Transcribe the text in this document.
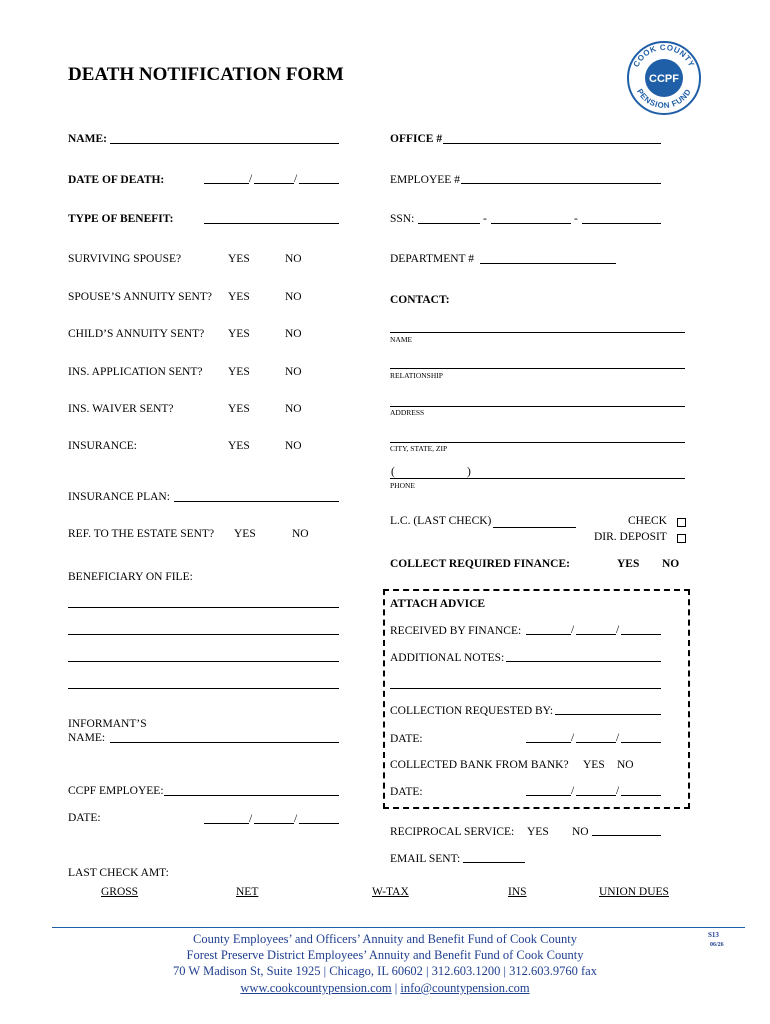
COOK COUNTY
PENSION FUND
CCPF
DEATH NOTIFICATION FORM
NAME:
DATE OF DEATH:	/	/
TYPE OF BENEFIT:
SURVIVING SPOUSE?	YES	NO
SPOUSE’S ANNUITY SENT? YES	NO
CHILD’S ANNUITY SENT? YES	NO
INS. APPLICATION SENT? YES	NO
INS. WAIVER SENT?	YES	NO
INSURANCE:	YES	NO
INSURANCE PLAN:
REF. TO THE ESTATE SENT? YES	NO
BENEFICIARY ON FILE:
INFORMANT’S
NAME:
CCPF EMPLOYEE:
DATE:	/	/
LAST CHECK AMT:
OFFICE #
EMPLOYEE #
SSN:	-	-
DEPARTMENT #
CONTACT:
NAME
RELATIONSHIP
ADDRESS
CITY, STATE, ZIP
(	)
PHONE
L.C. (LAST CHECK)	CHECK
DIR. DEPOSIT
COLLECT REQUIRED FINANCE:	YES NO
ATTACH ADVICE
RECEIVED BY FINANCE:	/	/
ADDITIONAL NOTES:
COLLECTION REQUESTED BY:
DATE:	/	/
COLLECTED BANK FROM BANK? YES NO
DATE:	/	/
RECIPROCAL SERVICE: YES NO
EMAIL SENT:
GROSS	NET	W-TAX	INS	UNION DUES
S13
06/26
County Employees’ and Officers’ Annuity and Benefit Fund of Cook County
Forest Preserve District Employees’ Annuity and Benefit Fund of Cook County
70 W Madison St, Suite 1925 | Chicago, IL 60602 | 312.603.1200 | 312.603.9760 fax
www.cookcountypension.com | info@countypension.com
